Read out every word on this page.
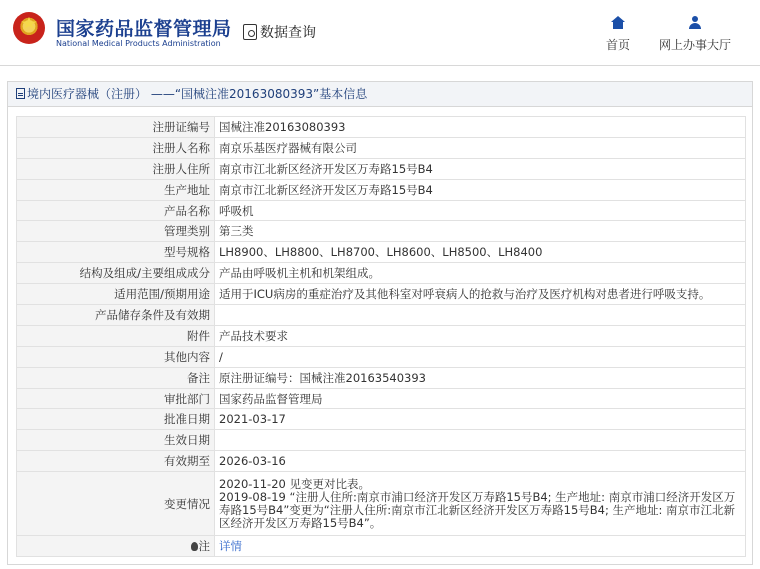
国家药品监督管理局
National Medical Products Administration
数据查询
首页	网上办事大厅
境内医疗器械（注册） ——“国械注准20163080393”基本信息
注册证编号	国械注准20163080393
注册人名称	南京乐基医疗器械有限公司
注册人住所	南京市江北新区经济开发区万寿路15号B4
生产地址	南京市江北新区经济开发区万寿路15号B4
产品名称	呼吸机
管理类别	第三类
型号规格	LH8900、LH8800、LH8700、LH8600、LH8500、LH8400
结构及组成/主要组成成分	产品由呼吸机主机和机架组成。
适用范围/预期用途	适用于ICU病房的重症治疗及其他科室对呼衰病人的抢救与治疗及医疗机构对患者进行呼吸支持。
产品储存条件及有效期	
附件	产品技术要求
其他内容	/
备注	原注册证编号：国械注准20163540393
审批部门	国家药品监督管理局
批准日期	2021-03-17
生效日期	
有效期至	2026-03-16
变更情况	2020-11-20 见变更对比表。
2019-08-19 “注册人住所:南京市浦口经济开发区万寿路15号B4; 生产地址: 南京市浦口经济开发区万寿路15号B4”变更为“注册人住所:南京市江北新区经济开发区万寿路15号B4; 生产地址: 南京市江北新区经济开发区万寿路15号B4”。

注	详情
